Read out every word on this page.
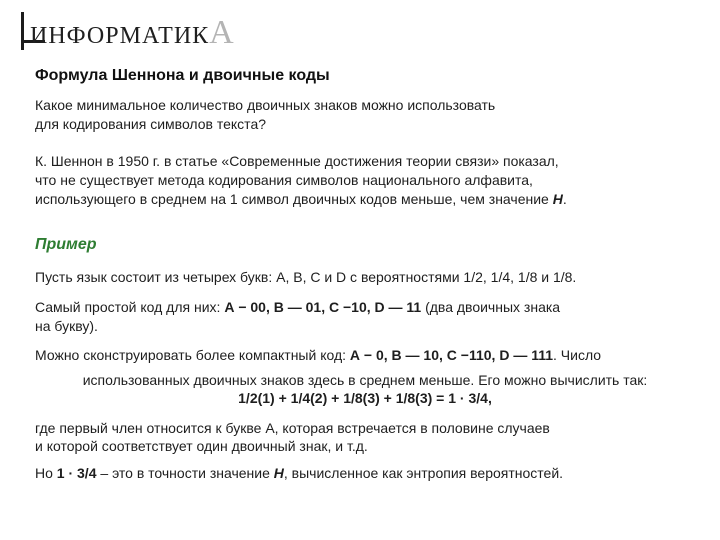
ИНФОРМАТИКА
Формула Шеннона и двоичные коды
Какое минимальное количество двоичных знаков можно использовать
для кодирования символов текста?
К. Шеннон в 1950 г. в статье «Современные достижения теории связи» показал,
что не существует метода кодирования символов национального алфавита,
использующего в среднем на 1 символ двоичных кодов меньше, чем значение H.
Пример
Пусть язык состоит из четырех букв: А, В, С и D с вероятностями 1/2, 1/4, 1/8 и 1/8.
Самый простой код для них: А − 00, В — 01, С −10, D — 11 (два двоичных знака
на букву).
Можно сконструировать более компактный код: А − 0, В — 10, С −110, D — 111. Число
использованных двоичных знаков здесь в среднем меньше. Его можно вычислить так:
1/2(1) + 1/4(2) + 1/8(3) + 1/8(3) = 1 · 3/4,
где первый член относится к букве А, которая встречается в половине случаев
и которой соответствует один двоичный знак, и т.д.
Но 1 · 3/4 – это в точности значение H, вычисленное как энтропия вероятностей.
